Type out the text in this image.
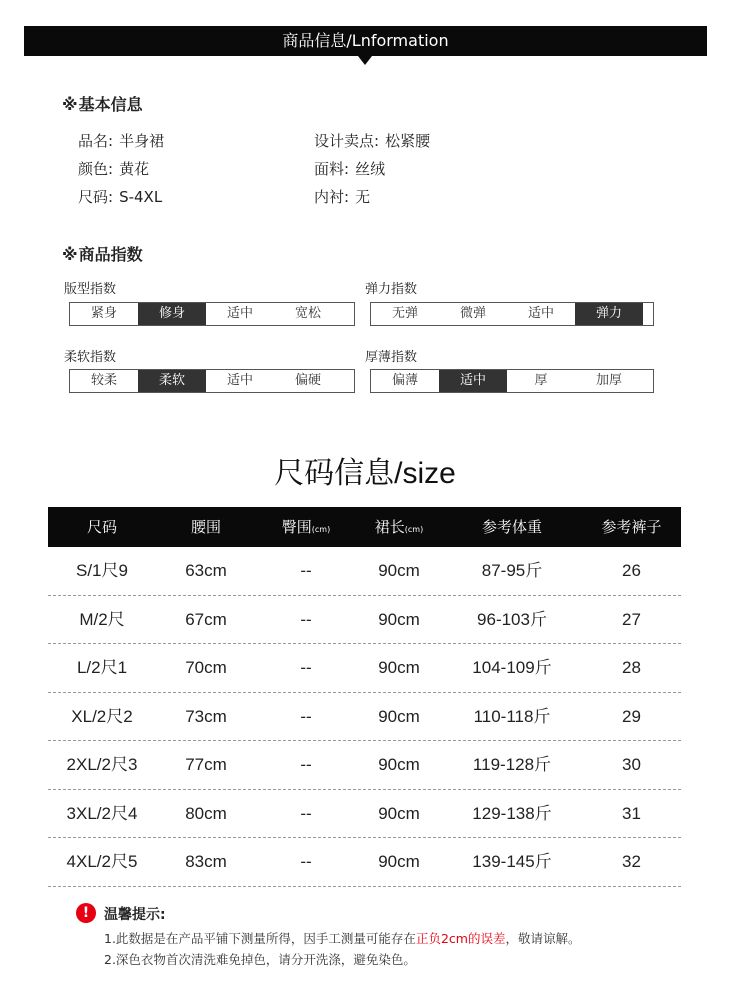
商品信息/Lnformation
※基本信息
品名 : 半身裙
颜色 : 黄花
尺码 : S-4XL
设计卖点 : 松紧腰
面料 : 丝绒
内衬 : 无
※商品指数
版型指数
紧身	修身	适中	宽松
弹力指数
无弹	微弹	适中	弹力
柔软指数
较柔	柔软	适中	偏硬
厚薄指数
偏薄	适中	厚	加厚
尺码信息/size
尺码	腰围	臀围(cm)	裙长(cm)	参考体重	参考裤子
S/1尺9	63cm	--	90cm	87-95斤	26
M/2尺	67cm	--	90cm	96-103斤	27
L/2尺1	70cm	--	90cm	104-109斤	28
XL/2尺2	73cm	--	90cm	110-118斤	29
2XL/2尺3	77cm	--	90cm	119-128斤	30
3XL/2尺4	80cm	--	90cm	129-138斤	31
4XL/2尺5	83cm	--	90cm	139-145斤	32
!	温馨提示:
1.此数据是在产品平铺下测量所得，因手工测量可能存在正负2cm的误差，敬请谅解。
2.深色衣物首次清洗难免掉色，请分开洗涤，避免染色。
